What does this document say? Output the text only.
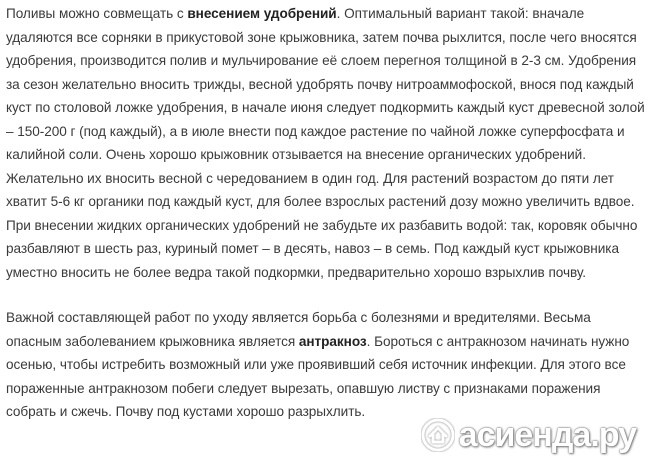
Поливы можно совмещать с внесением удобрений. Оптимальный вариант такой: вначале удаляются все сорняки в прикустовой зоне крыжовника, затем почва рыхлится, после чего вносятся удобрения, производится полив и мульчирование её слоем перегноя толщиной в 2-3 см. Удобрения за сезон желательно вносить трижды, весной удобрять почву нитроаммофоской, внося под каждый куст по столовой ложке удобрения, в начале июня следует подкормить каждый куст древесной золой – 150-200 г (под каждый), а в июле внести под каждое растение по чайной ложке суперфосфата и калийной соли. Очень хорошо крыжовник отзывается на внесение органических удобрений. Желательно их вносить весной с чередованием в один год. Для растений возрастом до пяти лет хватит 5-6 кг органики под каждый куст, для более взрослых растений дозу можно увеличить вдвое. При внесении жидких органических удобрений не забудьте их разбавить водой: так, коровяк обычно разбавляют в шесть раз, куриный помет – в десять, навоз – в семь. Под каждый куст крыжовника уместно вносить не более ведра такой подкормки, предварительно хорошо взрыхлив почву.

Важной составляющей работ по уходу является борьба с болезнями и вредителями. Весьма опасным заболеванием крыжовника является антракноз. Бороться с антракнозом начинать нужно осенью, чтобы истребить возможный или уже проявивший себя источник инфекции. Для этого все пораженные антракнозом побеги следует вырезать, опавшую листву с признаками поражения собрать и сжечь. Почву под кустами хорошо разрыхлить.

асиенда.ру
